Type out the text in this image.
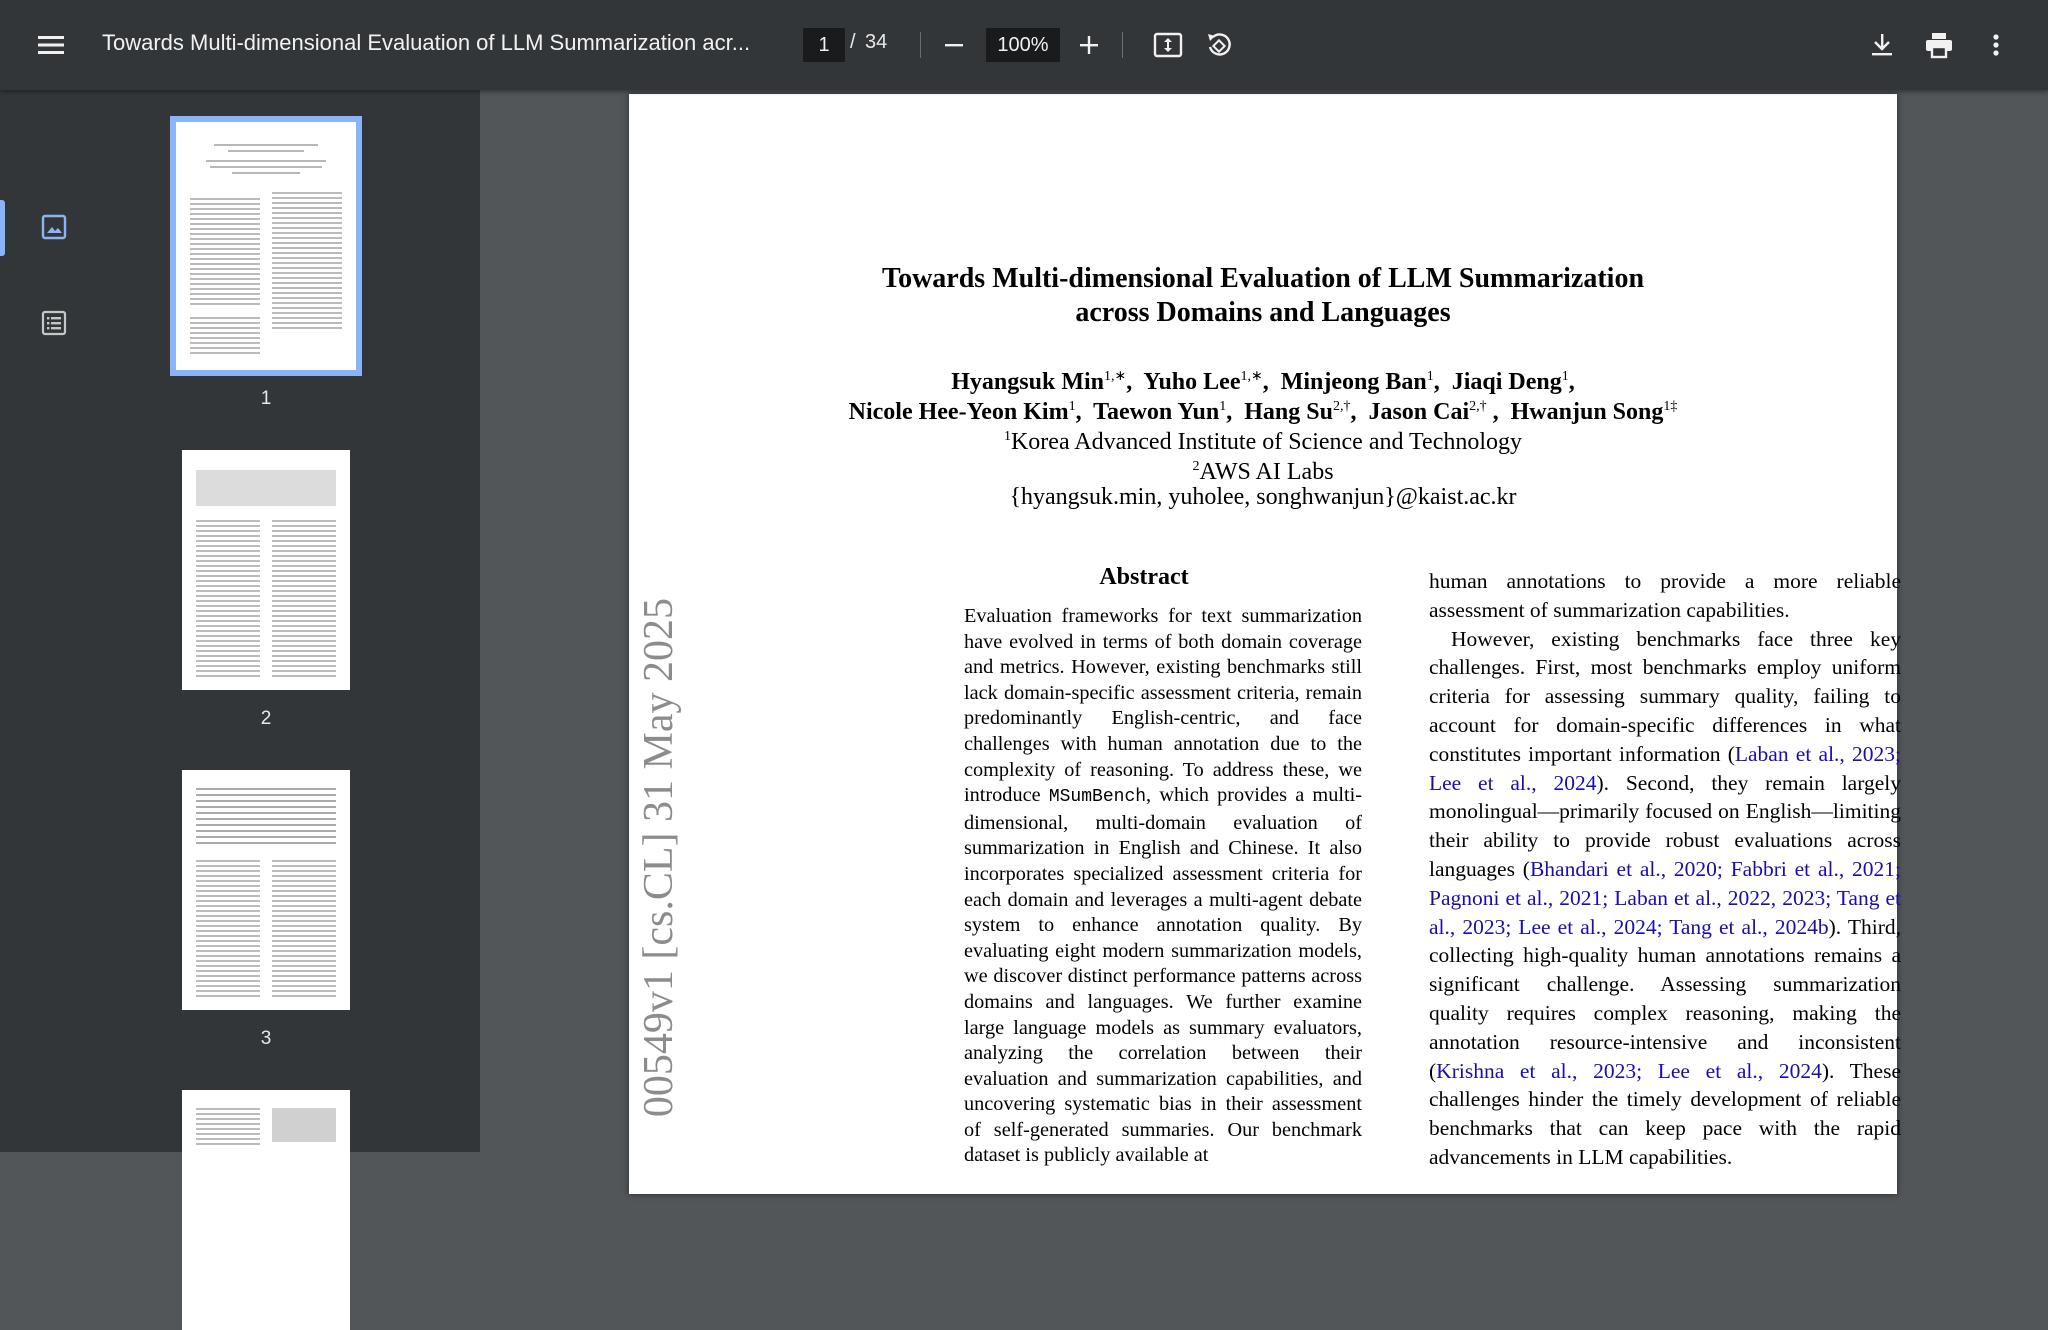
Towards Multi-dimensional Evaluation of LLM Summarization acr...
1	/ 34
100%
1
2
3
Towards Multi-dimensional Evaluation of LLM Summarization
across Domains and Languages
Hyangsuk Min$^{1,∗}$,  Yuho Lee$^{1,∗}$,  Minjeong Ban$^1$,  Jiaqi Deng$^1$,
Nicole Hee-Yeon Kim$^1$,  Taewon Yun$^1$,  Hang $Su^{2,\dagger}$,  Jason Cai$^{2,\dagger}$ ,  Hwanjun Song$^{1\ddagger}$
$^1$Korea Advanced Institute of Science and Technology
$^2$AWS AI Labs
{hyangsuk.min, yuholee, songhwanjun}@kaist.ac.kr
00549v1 [cs.CL] 31 May 2025
Abstract

Evaluation frameworks for text summarization have evolved in terms of both domain coverage and metrics. However, existing benchmarks still lack domain-specific assessment criteria, remain predominantly English-centric, and face challenges with human annotation due to the complexity of reasoning. To address these, we introduce MSumBench, which provides a multi-dimensional, multi-domain evaluation of summarization in English and Chinese. It also incorporates specialized assessment criteria for each domain and leverages a multi-agent debate system to enhance annotation quality. By evaluating eight modern summarization models, we discover distinct performance patterns across domains and languages. We further examine large language models as summary evaluators, analyzing the correlation between their evaluation and summarization capabilities, and uncovering systematic bias in their assessment of self-generated summaries. Our benchmark dataset is publicly available at

human annotations to provide a more reliable assessment of summarization capabilities.

However, existing benchmarks face three key challenges. First, most benchmarks employ uniform criteria for assessing summary quality, failing to account for domain-specific differences in what constitutes important information (Laban et al., 2023; Lee et al., 2024). Second, they remain largely monolingual—primarily focused on English—limiting their ability to provide robust evaluations across languages (Bhandari et al., 2020; Fabbri et al., 2021; Pagnoni et al., 2021; Laban et al., 2022, 2023; Tang et al., 2023; Lee et al., 2024; Tang et al., 2024b). Third, collecting high-quality human annotations remains a significant challenge. Assessing summarization quality requires complex reasoning, making the annotation resource-intensive and inconsistent (Krishna et al., 2023; Lee et al., 2024). These challenges hinder the timely development of reliable benchmarks that can keep pace with the rapid advancements in LLM capabilities.
